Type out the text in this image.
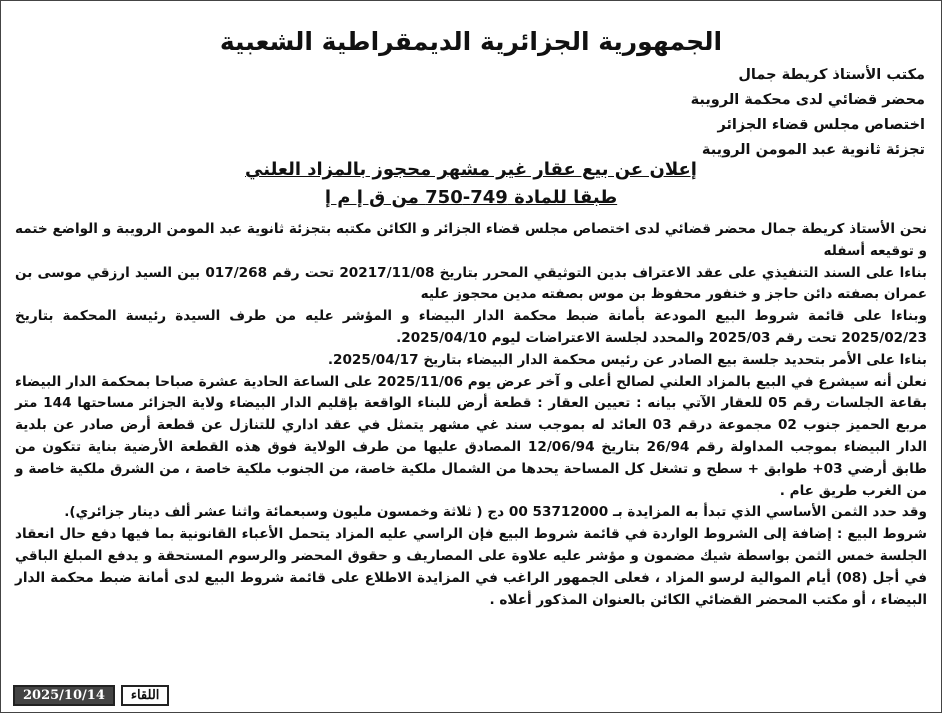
الجمهورية الجزائرية الديمقراطية الشعبية
مكتب الأستاذ كريطة جمال
محضر قضائي لدى محكمة الرويبة
اختصاص مجلس قضاء الجزائر
تجزئة ثانوية عبد المومن الرويبة
إعلان عن بيع عقار غير مشهر محجوز بالمزاد العلني
طبقا للمادة 749-750 من ق إ م إ

نحن الأستاذ كريطة جمال محضر قضائي لدى اختصاص مجلس قضاء الجزائر و الكائن مكتبه بتجزئة ثانوية عبد المومن الرويبة و الواضع ختمه و توقيعه أسفله

بناءا على السند التنفيذي على عقد الاعتراف بدين التوثيقي المحرر بتاريخ 20217/11/08 تحت رقم 017/268 بين السيد ارزقي موسى بن عمران بصفته دائن حاجز و خنفور محفوظ بن موس بصفته مدين محجوز عليه

وبناءا على قائمة شروط البيع المودعة بأمانة ضبط محكمة الدار البيضاء و المؤشر عليه من طرف السيدة رئيسة المحكمة بتاريخ 2025/02/23 تحت رقم 2025/03 والمحدد لجلسة الاعتراضات ليوم 2025/04/10.

بناءا على الأمر بتحديد جلسة بيع الصادر عن رئيس محكمة الدار البيضاء بتاريخ 2025/04/17.

نعلن أنه سيشرع في البيع بالمزاد العلني لصالح أعلى و آخر عرض يوم 2025/11/06 على الساعة الحادية عشرة صباحا بمحكمة الدار البيضاء بقاعة الجلسات رقم 05 للعقار الآتي بيانه : تعيين العقار : قطعة أرض للبناء الواقعة بإقليم الدار البيضاء ولاية الجزائر مساحتها 144 متر مربع الحميز جنوب 02 مجموعة درقم 03 العائد له بموجب سند غي مشهر يتمثل في عقد اداري للتنازل عن قطعة أرض صادر عن بلدية الدار البيضاء بموجب المداولة رقم 26/94 بتاريخ 12/06/94 المصادق عليها من طرف الولاية فوق هذه القطعة الأرضية بناية تتكون من طابق أرضي 03+ طوابق + سطح و تشغل كل المساحة يحدها من الشمال ملكية خاصة، من الجنوب ملكية خاصة ، من الشرق ملكية خاصة و من الغرب طريق عام .

وقد حدد الثمن الأساسي الذي تبدأ به المزايدة بـ 53712000 00 دج ( ثلاثة وخمسون مليون وسبعمائة واثنا عشر ألف دينار جزائري).

شروط البيع : إضافة إلى الشروط الواردة في قائمة شروط البيع فإن الراسي عليه المزاد يتحمل الأعباء القانونية بما فيها دفع حال انعقاد الجلسة خمس الثمن بواسطة شيك مضمون و مؤشر عليه علاوة على المصاريف و حقوق المحضر والرسوم المستحقة و يدفع المبلغ الباقي في أجل (08) أيام الموالية لرسو المزاد ، فعلى الجمهور الراغب في المزايدة الاطلاع على قائمة شروط البيع لدى أمانة ضبط محكمة الدار البيضاء ، أو مكتب المحضر القضائي الكائن بالعنوان المذكور أعلاه .

2025/10/14	اللقاء
